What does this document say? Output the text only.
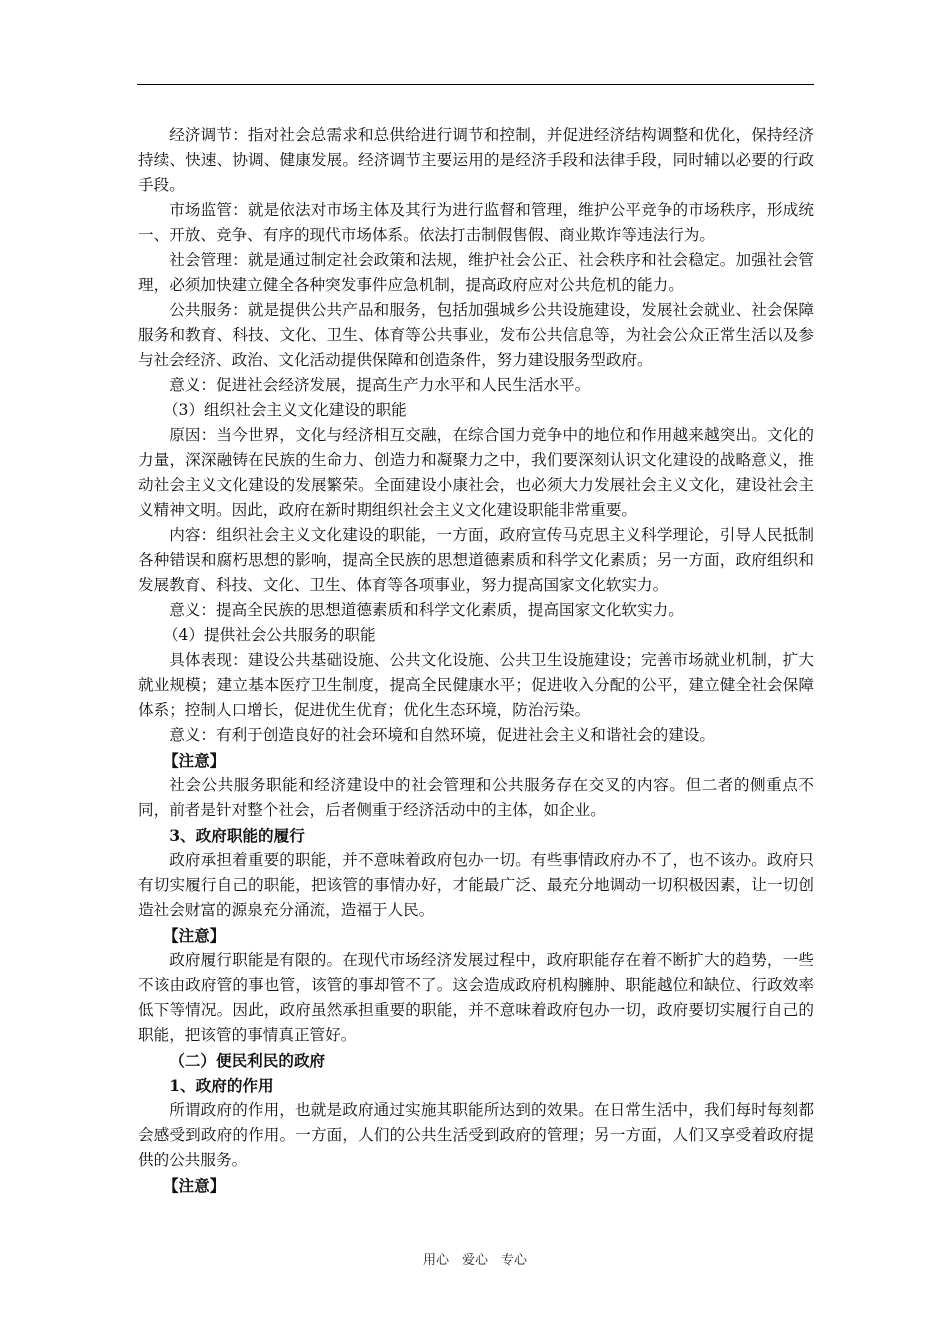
经济调节：指对社会总需求和总供给进行调节和控制，并促进经济结构调整和优化，保持经济持续、快速、协调、健康发展。经济调节主要运用的是经济手段和法律手段，同时辅以必要的行政手段。

市场监管：就是依法对市场主体及其行为进行监督和管理，维护公平竞争的市场秩序，形成统一、开放、竞争、有序的现代市场体系。依法打击制假售假、商业欺诈等违法行为。

社会管理：就是通过制定社会政策和法规，维护社会公正、社会秩序和社会稳定。加强社会管理，必须加快建立健全各种突发事件应急机制，提高政府应对公共危机的能力。

公共服务：就是提供公共产品和服务，包括加强城乡公共设施建设，发展社会就业、社会保障服务和教育、科技、文化、卫生、体育等公共事业，发布公共信息等，为社会公众正常生活以及参与社会经济、政治、文化活动提供保障和创造条件，努力建设服务型政府。

意义：促进社会经济发展，提高生产力水平和人民生活水平。

（3）组织社会主义文化建设的职能

原因：当今世界，文化与经济相互交融，在综合国力竞争中的地位和作用越来越突出。文化的力量，深深融铸在民族的生命力、创造力和凝聚力之中，我们要深刻认识文化建设的战略意义，推动社会主义文化建设的发展繁荣。全面建设小康社会，也必须大力发展社会主义文化，建设社会主义精神文明。因此，政府在新时期组织社会主义文化建设职能非常重要。

内容：组织社会主义文化建设的职能，一方面，政府宣传马克思主义科学理论，引导人民抵制各种错误和腐朽思想的影响，提高全民族的思想道德素质和科学文化素质；另一方面，政府组织和发展教育、科技、文化、卫生、体育等各项事业，努力提高国家文化软实力。

意义：提高全民族的思想道德素质和科学文化素质，提高国家文化软实力。

（4）提供社会公共服务的职能

具体表现：建设公共基础设施、公共文化设施、公共卫生设施建设；完善市场就业机制，扩大就业规模；建立基本医疗卫生制度，提高全民健康水平；促进收入分配的公平，建立健全社会保障体系；控制人口增长，促进优生优育；优化生态环境，防治污染。

意义：有利于创造良好的社会环境和自然环境，促进社会主义和谐社会的建设。

【注意】

社会公共服务职能和经济建设中的社会管理和公共服务存在交叉的内容。但二者的侧重点不同，前者是针对整个社会，后者侧重于经济活动中的主体，如企业。

3、政府职能的履行

政府承担着重要的职能，并不意味着政府包办一切。有些事情政府办不了，也不该办。政府只有切实履行自己的职能，把该管的事情办好，才能最广泛、最充分地调动一切积极因素，让一切创造社会财富的源泉充分涌流，造福于人民。

【注意】

政府履行职能是有限的。在现代市场经济发展过程中，政府职能存在着不断扩大的趋势，一些不该由政府管的事也管，该管的事却管不了。这会造成政府机构臃肿、职能越位和缺位、行政效率低下等情况。因此，政府虽然承担重要的职能，并不意味着政府包办一切，政府要切实履行自己的职能，把该管的事情真正管好。

（二）便民利民的政府

1、政府的作用

所谓政府的作用，也就是政府通过实施其职能所达到的效果。在日常生活中，我们每时每刻都会感受到政府的作用。一方面，人们的公共生活受到政府的管理；另一方面，人们又享受着政府提供的公共服务。

【注意】

用心　爱心　专心
